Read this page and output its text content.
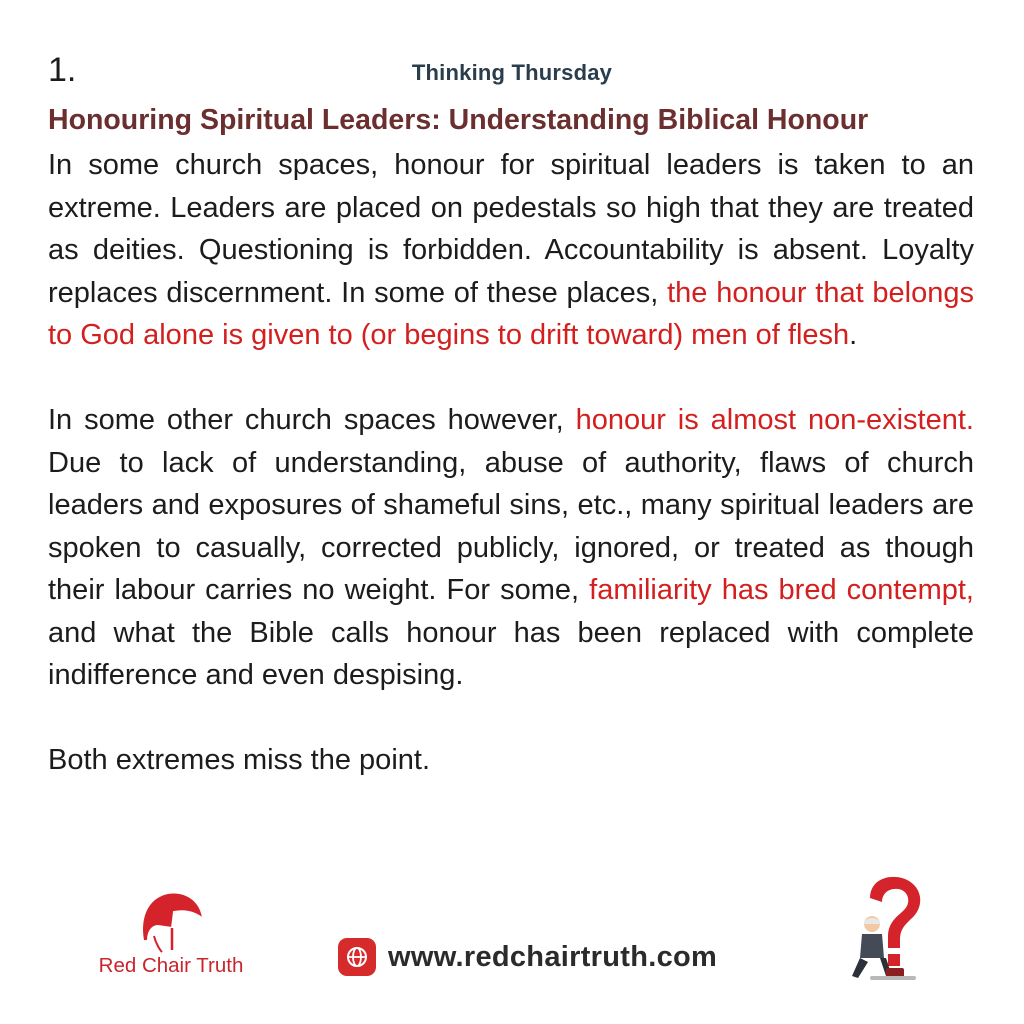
1.	Thinking Thursday
Honouring Spiritual Leaders: Understanding Biblical Honour

In some church spaces, honour for spiritual leaders is taken to an extreme. Leaders are placed on pedestals so high that they are treated as deities. Questioning is forbidden. Accountability is absent. Loyalty replaces discernment. In some of these places, the honour that belongs to God alone is given to (or begins to drift toward) men of flesh.

In some other church spaces however, honour is almost non-existent. Due to lack of understanding, abuse of authority, flaws of church leaders and exposures of shameful sins, etc., many spiritual leaders are spoken to casually, corrected publicly, ignored, or treated as though their labour carries no weight. For some, familiarity has bred contempt, and what the Bible calls honour has been replaced with complete indifference and even despising.

Both extremes miss the point.

Red Chair Truth	www.redchairtruth.com
